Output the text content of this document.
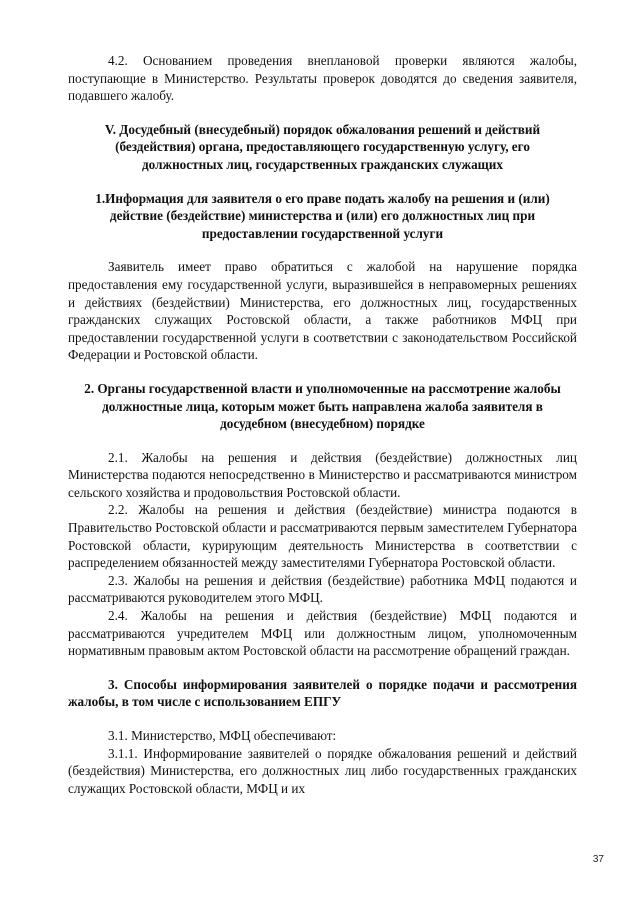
4.2. Основанием проведения внеплановой проверки являются жалобы, поступающие в Министерство. Результаты проверок доводятся до сведения заявителя, подавшего жалобу.

V. Досудебный (внесудебный) порядок обжалования решений и действий (бездействия) органа, предоставляющего государственную услугу, его должностных лиц, государственных гражданских служащих

1.Информация для заявителя о его праве подать жалобу на решения и (или) действие (бездействие) министерства и (или) его должностных лиц при предоставлении государственной услуги

Заявитель имеет право обратиться с жалобой на нарушение порядка предоставления ему государственной услуги, выразившейся в неправомерных решениях и действиях (бездействии) Министерства, его должностных лиц, государственных гражданских служащих Ростовской области, а также работников МФЦ при предоставлении государственной услуги в соответствии с законодательством Российской Федерации и Ростовской области.

2. Органы государственной власти и уполномоченные на рассмотрение жалобы должностные лица, которым может быть направлена жалоба заявителя в досудебном (внесудебном) порядке

2.1. Жалобы на решения и действия (бездействие) должностных лиц Министерства подаются непосредственно в Министерство и рассматриваются министром сельского хозяйства и продовольствия Ростовской области.

2.2. Жалобы на решения и действия (бездействие) министра подаются в Правительство Ростовской области и рассматриваются первым заместителем Губернатора Ростовской области, курирующим деятельность Министерства в соответствии с распределением обязанностей между заместителями Губернатора Ростовской области.

2.3. Жалобы на решения и действия (бездействие) работника МФЦ подаются и рассматриваются руководителем этого МФЦ.

2.4. Жалобы на решения и действия (бездействие) МФЦ подаются и рассматриваются учредителем МФЦ или должностным лицом, уполномоченным нормативным правовым актом Ростовской области на рассмотрение обращений граждан.

3. Способы информирования заявителей о порядке подачи и рассмотрения жалобы, в том числе с использованием ЕПГУ

3.1. Министерство, МФЦ обеспечивают:

3.1.1. Информирование заявителей о порядке обжалования решений и действий (бездействия) Министерства, его должностных лиц либо государственных гражданских служащих Ростовской области, МФЦ и их

37
